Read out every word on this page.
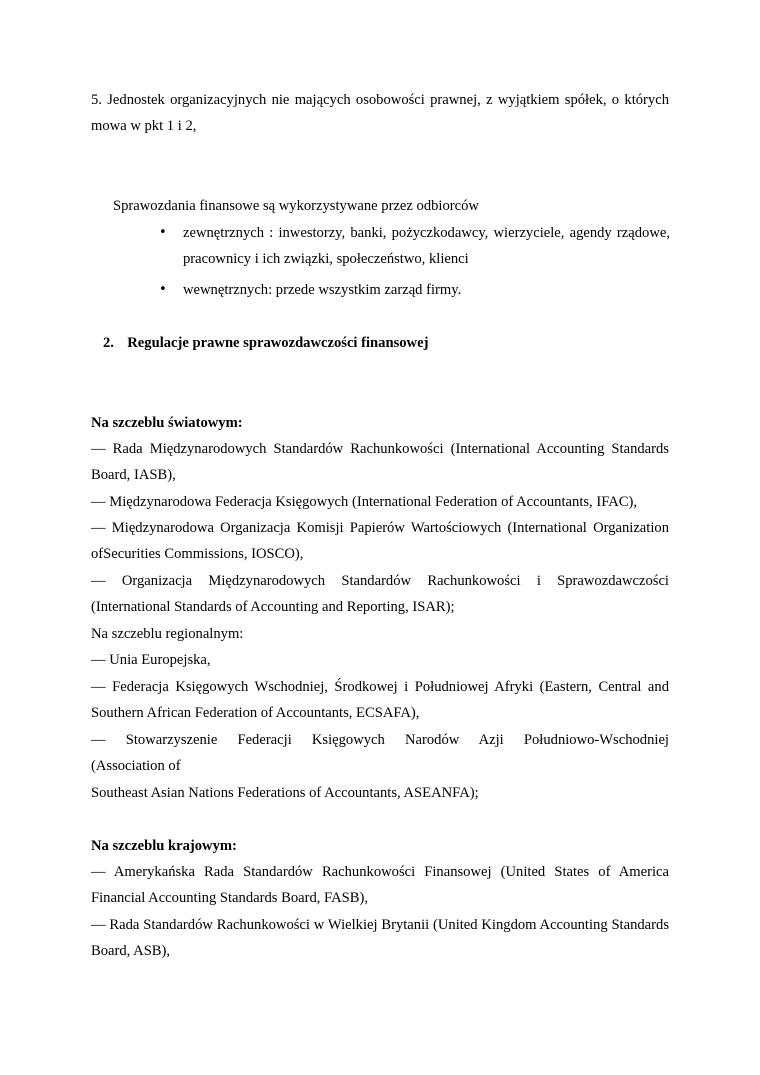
5. Jednostek organizacyjnych nie mających osobowości prawnej, z wyjątkiem spółek, o których mowa w pkt 1 i 2,

Sprawozdania finansowe są wykorzystywane przez odbiorców

• zewnętrznych : inwestorzy, banki, pożyczkodawcy, wierzyciele, agendy rządowe, pracownicy i ich związki, społeczeństwo, klienci

• wewnętrznych: przede wszystkim zarząd firmy.

2. Regulacje prawne sprawozdawczości finansowej

Na szczeblu światowym:

— Rada Międzynarodowych Standardów Rachunkowości (International Accounting Standards Board, IASB),

— Międzynarodowa Federacja Księgowych (International Federation of Accountants, IFAC),

— Międzynarodowa Organizacja Komisji Papierów Wartościowych (International Organization ofSecurities Commissions, IOSCO),

— Organizacja Międzynarodowych Standardów Rachunkowości i Sprawozdawczości (International Standards of Accounting and Reporting, ISAR);

Na szczeblu regionalnym:

— Unia Europejska,

— Federacja Księgowych Wschodniej, Środkowej i Południowej Afryki (Eastern, Central and Southern African Federation of Accountants, ECSAFA),

— Stowarzyszenie Federacji Księgowych Narodów Azji Południowo-Wschodniej

(Association of

Southeast Asian Nations Federations of Accountants, ASEANFA);

Na szczeblu krajowym:

— Amerykańska Rada Standardów Rachunkowości Finansowej (United States of America Financial Accounting Standards Board, FASB),

— Rada Standardów Rachunkowości w Wielkiej Brytanii (United Kingdom Accounting Standards Board, ASB),
